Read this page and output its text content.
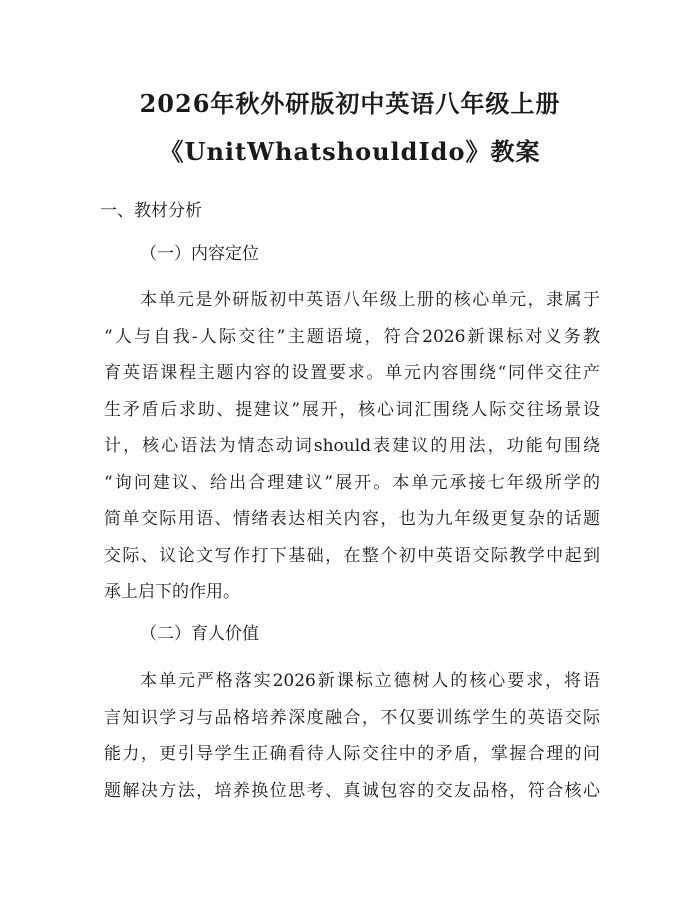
2026年秋外研版初中英语八年级上册
《UnitWhatshouldIdo》教案
一、教材分析
（一）内容定位
本单元是外研版初中英语八年级上册的核心单元，隶属于
“人与自我-人际交往”主题语境，符合2026新课标对义务教
育英语课程主题内容的设置要求。单元内容围绕“同伴交往产
生矛盾后求助、提建议”展开，核心词汇围绕人际交往场景设
计，核心语法为情态动词should表建议的用法，功能句围绕
“询问建议、给出合理建议”展开。本单元承接七年级所学的
简单交际用语、情绪表达相关内容，也为九年级更复杂的话题
交际、议论文写作打下基础，在整个初中英语交际教学中起到
承上启下的作用。
（二）育人价值
本单元严格落实2026新课标立德树人的核心要求，将语
言知识学习与品格培养深度融合，不仅要训练学生的英语交际
能力，更引导学生正确看待人际交往中的矛盾，掌握合理的问
题解决方法，培养换位思考、真诚包容的交友品格，符合核心
